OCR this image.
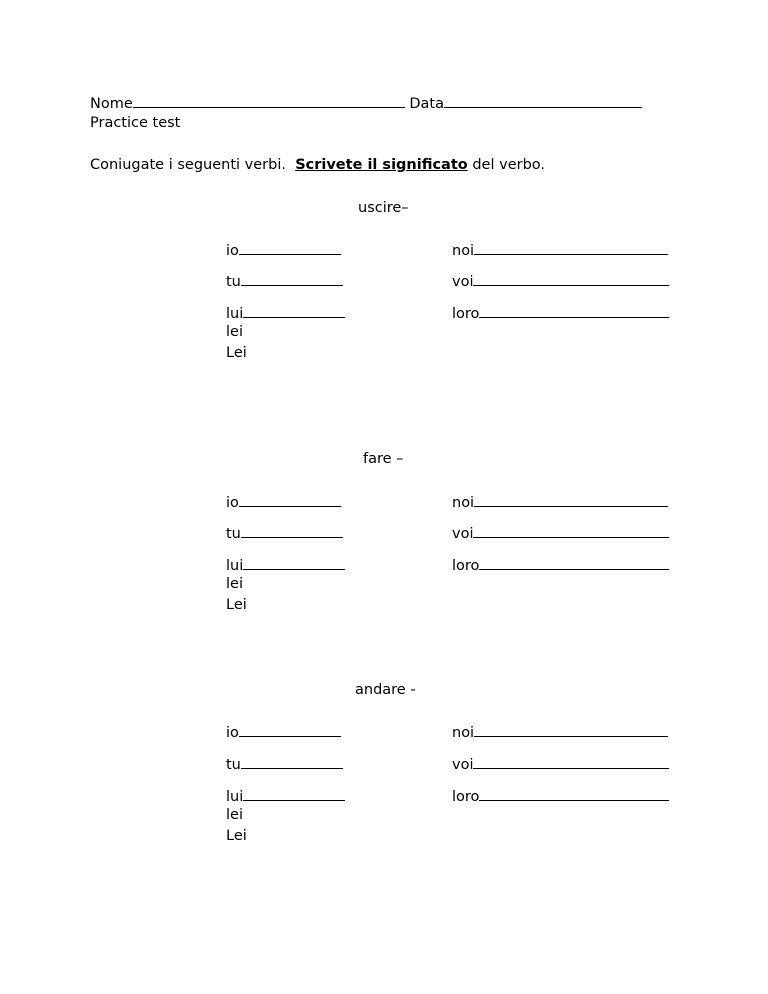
Nome	Data
Practice test
Coniugate i seguenti verbi. Scrivete il significato del verbo.
uscire–
io	noi
tu	voi
lui	loro
lei
Lei
fare –
io	noi
tu	voi
lui	loro
lei
Lei
andare -
io	noi
tu	voi
lui	loro
lei
Lei
